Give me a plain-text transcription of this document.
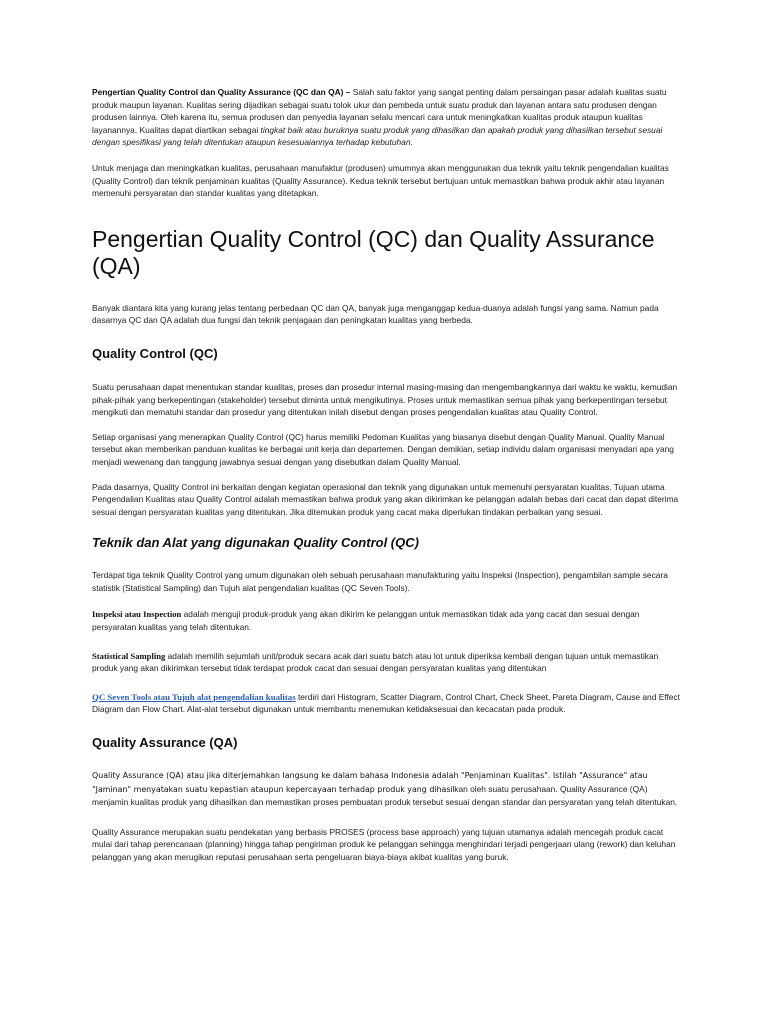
Pengertian Quality Control dan Quality Assurance (QC dan QA) – Salah satu faktor yang sangat penting dalam persaingan pasar adalah kualitas suatu produk maupun layanan. Kualitas sering dijadikan sebagai suatu tolok ukur dan pembeda untuk suatu produk dan layanan antara satu produsen dengan produsen lainnya. Oleh karena itu, semua produsen dan penyedia layanan selalu mencari cara untuk meningkatkan kualitas produk ataupun kualitas layanannya. Kualitas dapat diartikan sebagai tingkat baik atau buruknya suatu produk yang dihasilkan dan apakah produk yang dihasilkan tersebut sesuai dengan spesifikasi yang telah ditentukan ataupun kesesuaiannya terhadap kebutuhan.

Untuk menjaga dan meningkatkan kualitas, perusahaan manufaktur (produsen) umumnya akan menggunakan dua teknik yaitu teknik pengendalian kualitas (Quality Control) dan teknik penjaminan kualitas (Quality Assurance). Kedua teknik tersebut bertujuan untuk memastikan bahwa produk akhir atau layanan memenuhi persyaratan dan standar kualitas yang ditetapkan.

Pengertian Quality Control (QC) dan Quality Assurance (QA)

Banyak diantara kita yang kurang jelas tentang perbedaan QC dan QA, banyak juga menganggap kedua-duanya adalah fungsi yang sama. Namun pada dasarnya QC dan QA adalah dua fungsi dan teknik penjagaan dan peningkatan kualitas yang berbeda.

Quality Control (QC)

Suatu perusahaan dapat menentukan standar kualitas, proses dan prosedur internal masing-masing dan mengembangkannya dari waktu ke waktu, kemudian pihak-pihak yang berkepentingan (stakeholder) tersebut diminta untuk mengikutinya. Proses untuk memastikan semua pihak yang berkepentingan tersebut mengikuti dan mematuhi standar dan prosedur yang ditentukan inilah disebut dengan proses pengendalian kualitas atau Quality Control.

Setiap organisasi yang menerapkan Quality Control (QC) harus memiliki Pedoman Kualitas yang biasanya disebut dengan Quality Manual. Quality Manual tersebut akan memberikan panduan kualitas ke berbagai unit kerja dan departemen. Dengan demikian, setiap individu dalam organisasi menyadari apa yang menjadi wewenang dan tanggung jawabnya sesuai dengan yang disebutkan dalam Quality Manual.

Pada dasarnya, Quality Control ini berkaitan dengan kegiatan operasional dan teknik yang digunakan untuk memenuhi persyaratan kualitas. Tujuan utama Pengendalian Kualitas atau Quality Control adalah memastikan bahwa produk yang akan dikirimkan ke pelanggan adalah bebas dari cacat dan dapat diterima sesuai dengan persyaratan kualitas yang ditentukan. Jika ditemukan produk yang cacat maka diperlukan tindakan perbaikan yang sesuai.

Teknik dan Alat yang digunakan Quality Control (QC)

Terdapat tiga teknik Quality Control yang umum digunakan oleh sebuah perusahaan manufakturing yaitu Inspeksi (Inspection), pengambilan sample secara statistik (Statistical Sampling) dan Tujuh alat pengendalian kualitas (QC Seven Tools).

Inspeksi atau Inspection adalah menguji produk-produk yang akan dikirim ke pelanggan untuk memastikan tidak ada yang cacat dan sesuai dengan persyaratan kualitas yang telah ditentukan.

Statistical Sampling adalah memilih sejumlah unit/produk secara acak dari suatu batch atau lot untuk diperiksa kembali dengan tujuan untuk memastikan produk yang akan dikirimkan tersebut tidak terdapat produk cacat dan sesuai dengan persyaratan kualitas yang ditentukan

QC Seven Tools atau Tujuh alat pengendalian kualitas terdiri dari Histogram, Scatter Diagram, Control Chart, Check Sheet, Pareta Diagram, Cause and Effect Diagram dan Flow Chart. Alat-alat tersebut digunakan untuk membantu menemukan ketidaksesuai dan kecacatan pada produk.

Quality Assurance (QA)

Quality Assurance (QA) atau jika diterjemahkan langsung ke dalam bahasa Indonesia adalah "Penjaminan Kualitas". Istilah "Assurance" atau "Jaminan" menyatakan suatu kepastian ataupun kepercayaan terhadap produk yang dihasilkan oleh suatu perusahaan. Quality Assurance (QA) menjamin kualitas produk yang dihasilkan dan memastikan proses pembuatan produk tersebut sesuai dengan standar dan persyaratan yang telah ditentukan.

Quality Assurance merupakan suatu pendekatan yang berbasis PROSES (process base approach) yang tujuan utamanya adalah mencegah produk cacat mulai dari tahap perencanaan (planning) hingga tahap pengiriman produk ke pelanggan sehingga menghindari terjadi pengerjaan ulang (rework) dan keluhan pelanggan yang akan merugikan reputasi perusahaan serta pengeluaran biaya-biaya akibat kualitas yang buruk.
